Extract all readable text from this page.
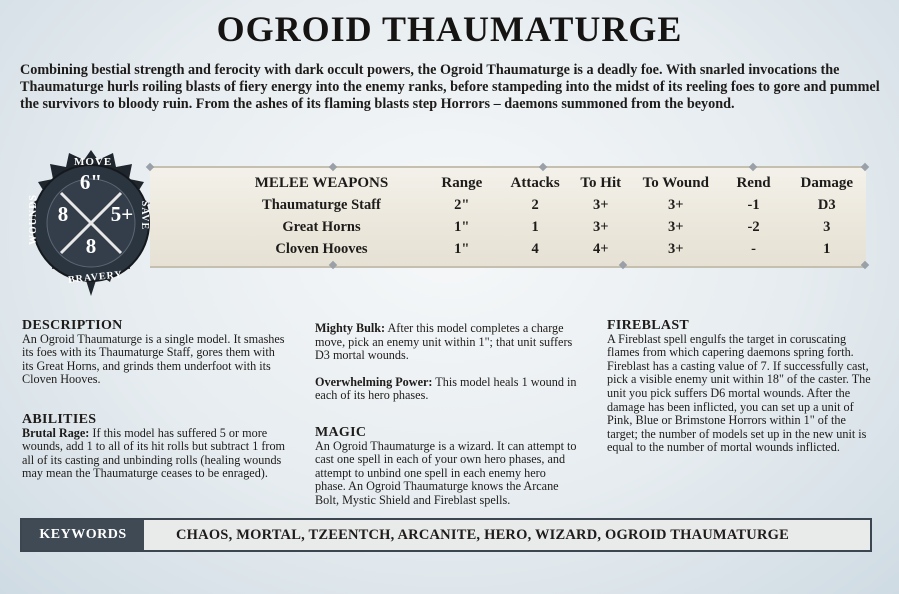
OGROID THAUMATURGE
Combining bestial strength and ferocity with dark occult powers, the Ogroid Thaumaturge is a deadly foe. With snarled invocations the Thaumaturge hurls roiling blasts of fiery energy into the enemy ranks, before stampeding into the midst of its reeling foes to gore and pummel the survivors to bloody ruin. From the ashes of its flaming blasts step Horrors – daemons summoned from the beyond.
MELEE WEAPONS	Range	Attacks	To Hit	To Wound	Rend	Damage
Thaumaturge Staff	2"	2	3+	3+	-1	D3
Great Horns	1"	1	3+	3+	-2	3
Cloven Hooves	1"	4	4+	3+	-	1
MOVE
6"
8	5+
8
WOUNDS	SAVE
BRAVERY

DESCRIPTION

An Ogroid Thaumaturge is a single model. It smashes its foes with its Thaumaturge Staff, gores them with its Great Horns, and grinds them underfoot with its Cloven Hooves.

ABILITIES

Brutal Rage: If this model has suffered 5 or more wounds, add 1 to all of its hit rolls but subtract 1 from all of its casting and unbinding rolls (healing wounds may mean the Thaumaturge ceases to be enraged).

Mighty Bulk: After this model completes a charge move, pick an enemy unit within 1"; that unit suffers D3 mortal wounds.

Overwhelming Power: This model heals 1 wound in each of its hero phases.

MAGIC

An Ogroid Thaumaturge is a wizard. It can attempt to cast one spell in each of your own hero phases, and attempt to unbind one spell in each enemy hero phase. An Ogroid Thaumaturge knows the Arcane Bolt, Mystic Shield and Fireblast spells.

FIREBLAST

A Fireblast spell engulfs the target in coruscating flames from which capering daemons spring forth. Fireblast has a casting value of 7. If successfully cast, pick a visible enemy unit within 18" of the caster. The unit you pick suffers D6 mortal wounds. After the damage has been inflicted, you can set up a unit of Pink, Blue or Brimstone Horrors within 1" of the target; the number of models set up in the new unit is equal to the number of mortal wounds inflicted.

KEYWORDS	CHAOS, MORTAL, TZEENTCH, ARCANITE, HERO, WIZARD, OGROID THAUMATURGE
